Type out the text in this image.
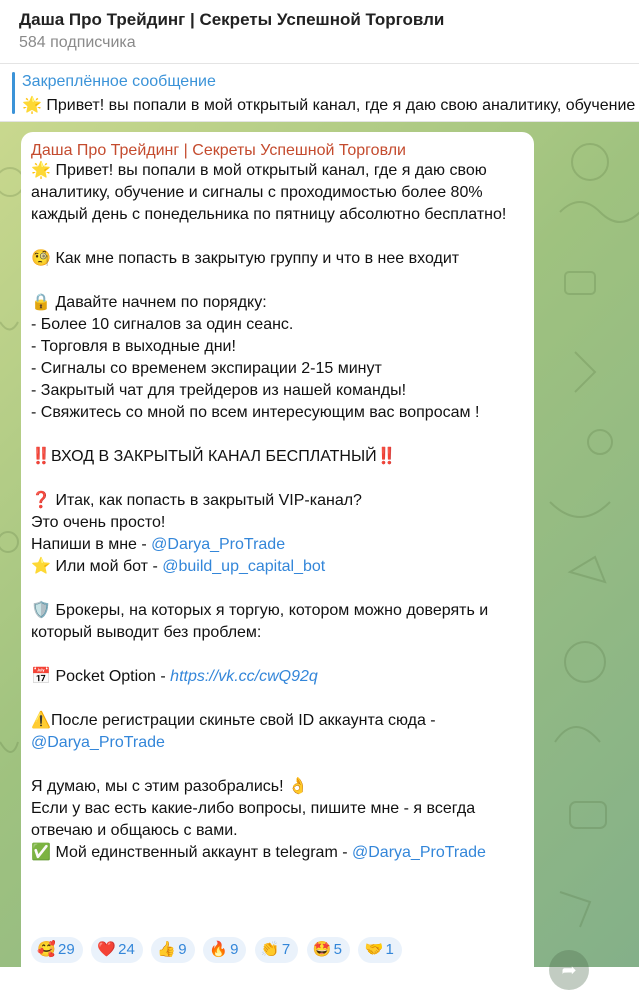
Даша Про Трейдинг | Секреты Успешной Торговли
584 подписчика
Закреплённое сообщение
🌟 Привет! вы попали в мой открытый канал, где я даю свою аналитику, обучение
Даша Про Трейдинг | Секреты Успешной Торговли
🌟 Привет! вы попали в мой открытый канал, где я даю свою аналитику, обучение и сигналы с проходимостью более 80% каждый день с понедельника по пятницу абсолютно бесплатно!
🧐 Как мне попасть в закрытую группу и что в нее входит
🔒 Давайте начнем по порядку:
- Более 10 сигналов за один сеанс.
- Торговля в выходные дни!
- Сигналы со временем экспирации 2-15 минут
- Закрытый чат для трейдеров из нашей команды!
- Свяжитесь со мной по всем интересующим вас вопросам !
‼️ВХОД В ЗАКРЫТЫЙ КАНАЛ БЕСПЛАТНЫЙ‼️
❓ Итак, как попасть в закрытый VIP-канал?
Это очень просто!
Напиши в мне - @Darya_ProTrade
⭐ Или мой бот - @build_up_capital_bot
🛡️ Брокеры, на которых я торгую, котором можно доверять и который выводит без проблем:
📅 Pocket Option - https://vk.cc/cwQ92q
⚠️После регистрации скиньте свой ID аккаунта сюда - @Darya_ProTrade
Я думаю, мы с этим разобрались! 👌
Если у вас есть какие-либо вопросы, пишите мне - я всегда отвечаю и общаюсь с вами.
✅ Мой единственный аккаунт в telegram - @Darya_ProTrade
🥰 29 ❤️ 24 👍 9 🔥 9 👏 7 🤩 5 🤝 1
➦
